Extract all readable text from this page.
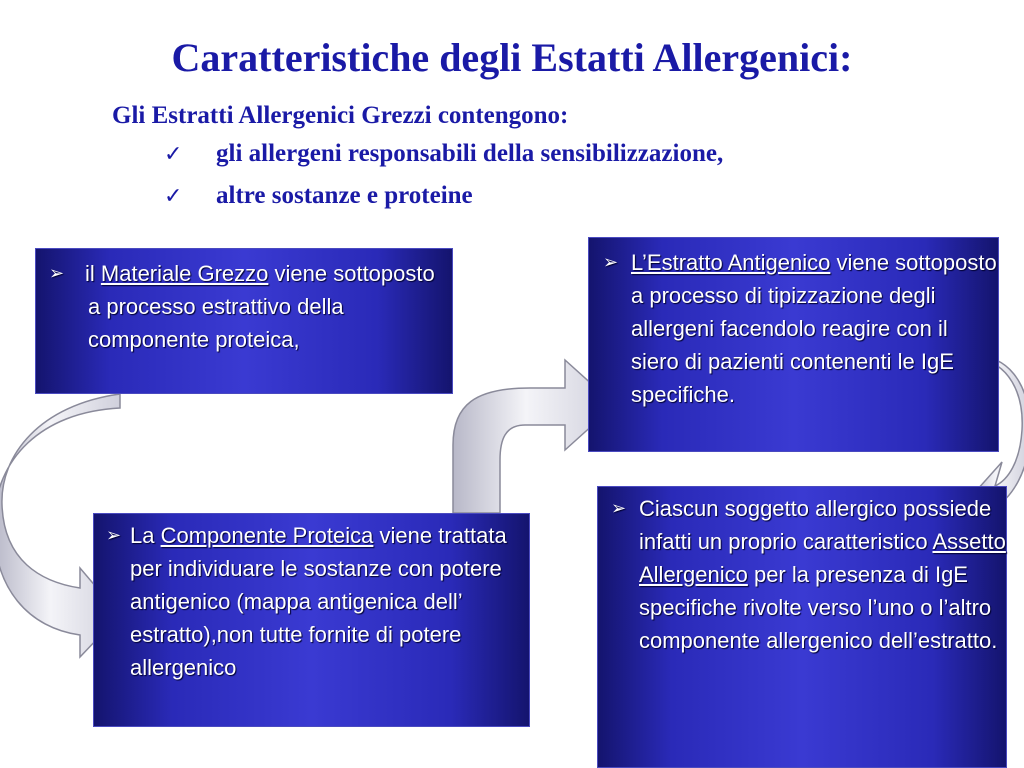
Caratteristiche degli Estatti Allergenici:
Gli Estratti Allergenici Grezzi contengono:
✓ gli allergeni responsabili della sensibilizzazione,
✓ altre sostanze e proteine
➢ il Materiale Grezzo viene sottoposto a processo estrattivo della componente proteica,
➢ La Componente Proteica viene trattata per individuare le sostanze con potere antigenico (mappa antigenica dell’ estratto),non tutte fornite di potere allergenico
➢ L’Estratto Antigenico viene sottoposto a processo di tipizzazione degli allergeni facendolo reagire con il siero di pazienti contenenti le IgE specifiche.
➢ Ciascun soggetto allergico possiede infatti un proprio caratteristico Assetto Allergenico per la presenza di IgE specifiche rivolte verso l’uno o l’altro componente allergenico dell’estratto.
